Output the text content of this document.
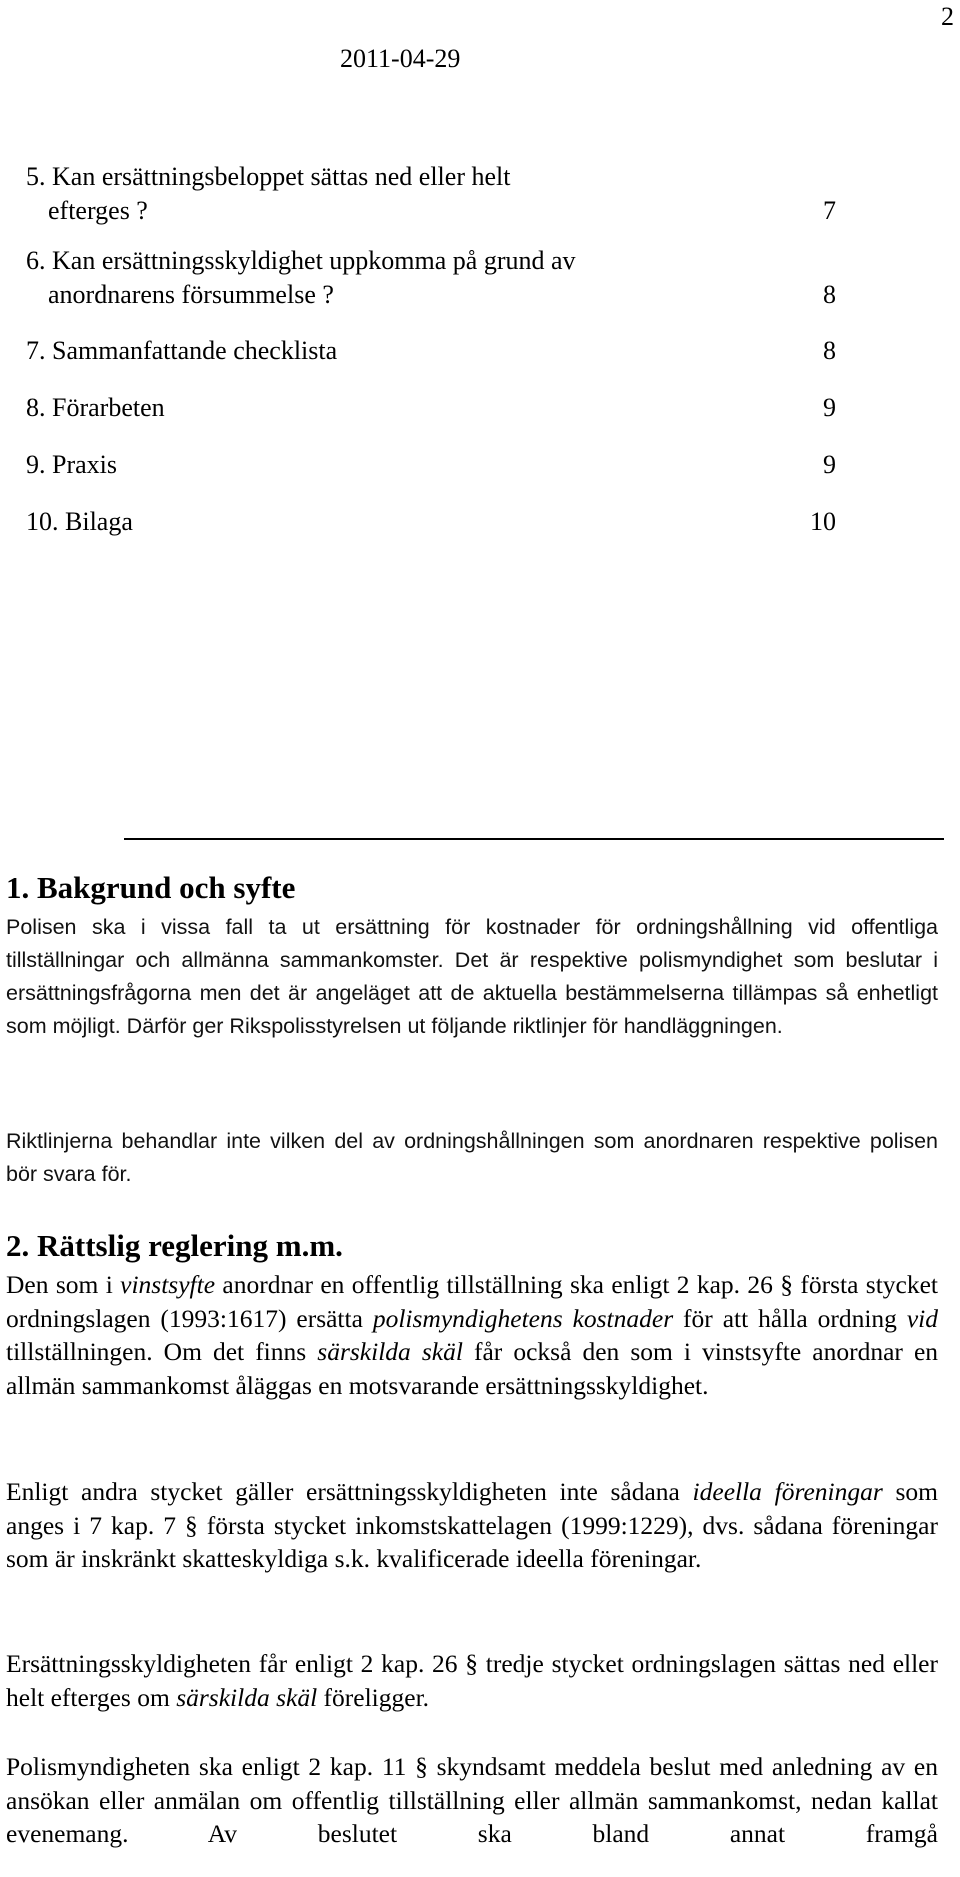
2
2011-04-29
5. Kan ersättningsbeloppet sättas ned eller helt
efterges ?	7
6. Kan ersättningsskyldighet uppkomma på grund av
anordnarens försummelse ?	8
7. Sammanfattande checklista	8
8. Förarbeten	9
9. Praxis	9
10. Bilaga	10
1. Bakgrund och syfte

Polisen ska i vissa fall ta ut ersättning för kostnader för ordningshållning vid offentliga tillställningar och allmänna sammankomster. Det är respektive polismyndighet som beslutar i ersättningsfrågorna men det är angeläget att de aktuella bestämmelserna tillämpas så enhetligt som möjligt. Därför ger Rikspolisstyrelsen ut följande riktlinjer för handläggningen.

Riktlinjerna behandlar inte vilken del av ordningshållningen som anordnaren respektive polisen bör svara för.

2. Rättslig reglering m.m.

Den som i vinstsyfte anordnar en offentlig tillställning ska enligt 2 kap. 26 § första stycket ordningslagen (1993:1617) ersätta polismyndighetens kostnader för att hålla ordning vid tillställningen. Om det finns särskilda skäl får också den som i vinstsyfte anordnar en allmän sammankomst åläggas en motsvarande ersättningsskyldighet.

Enligt andra stycket gäller ersättningsskyldigheten inte sådana ideella föreningar som anges i 7 kap. 7 § första stycket inkomstskattelagen (1999:1229), dvs. sådana föreningar som är inskränkt skatteskyldiga s.k. kvalificerade ideella föreningar.

Ersättningsskyldigheten får enligt 2 kap. 26 § tredje stycket ordningslagen sättas ned eller helt efterges om särskilda skäl föreligger.

Polismyndigheten ska enligt 2 kap. 11 § skyndsamt meddela beslut med anledning av en ansökan eller anmälan om offentlig tillställning eller allmän sammankomst, nedan kallat evenemang. Av beslutet ska bland annat framgå
